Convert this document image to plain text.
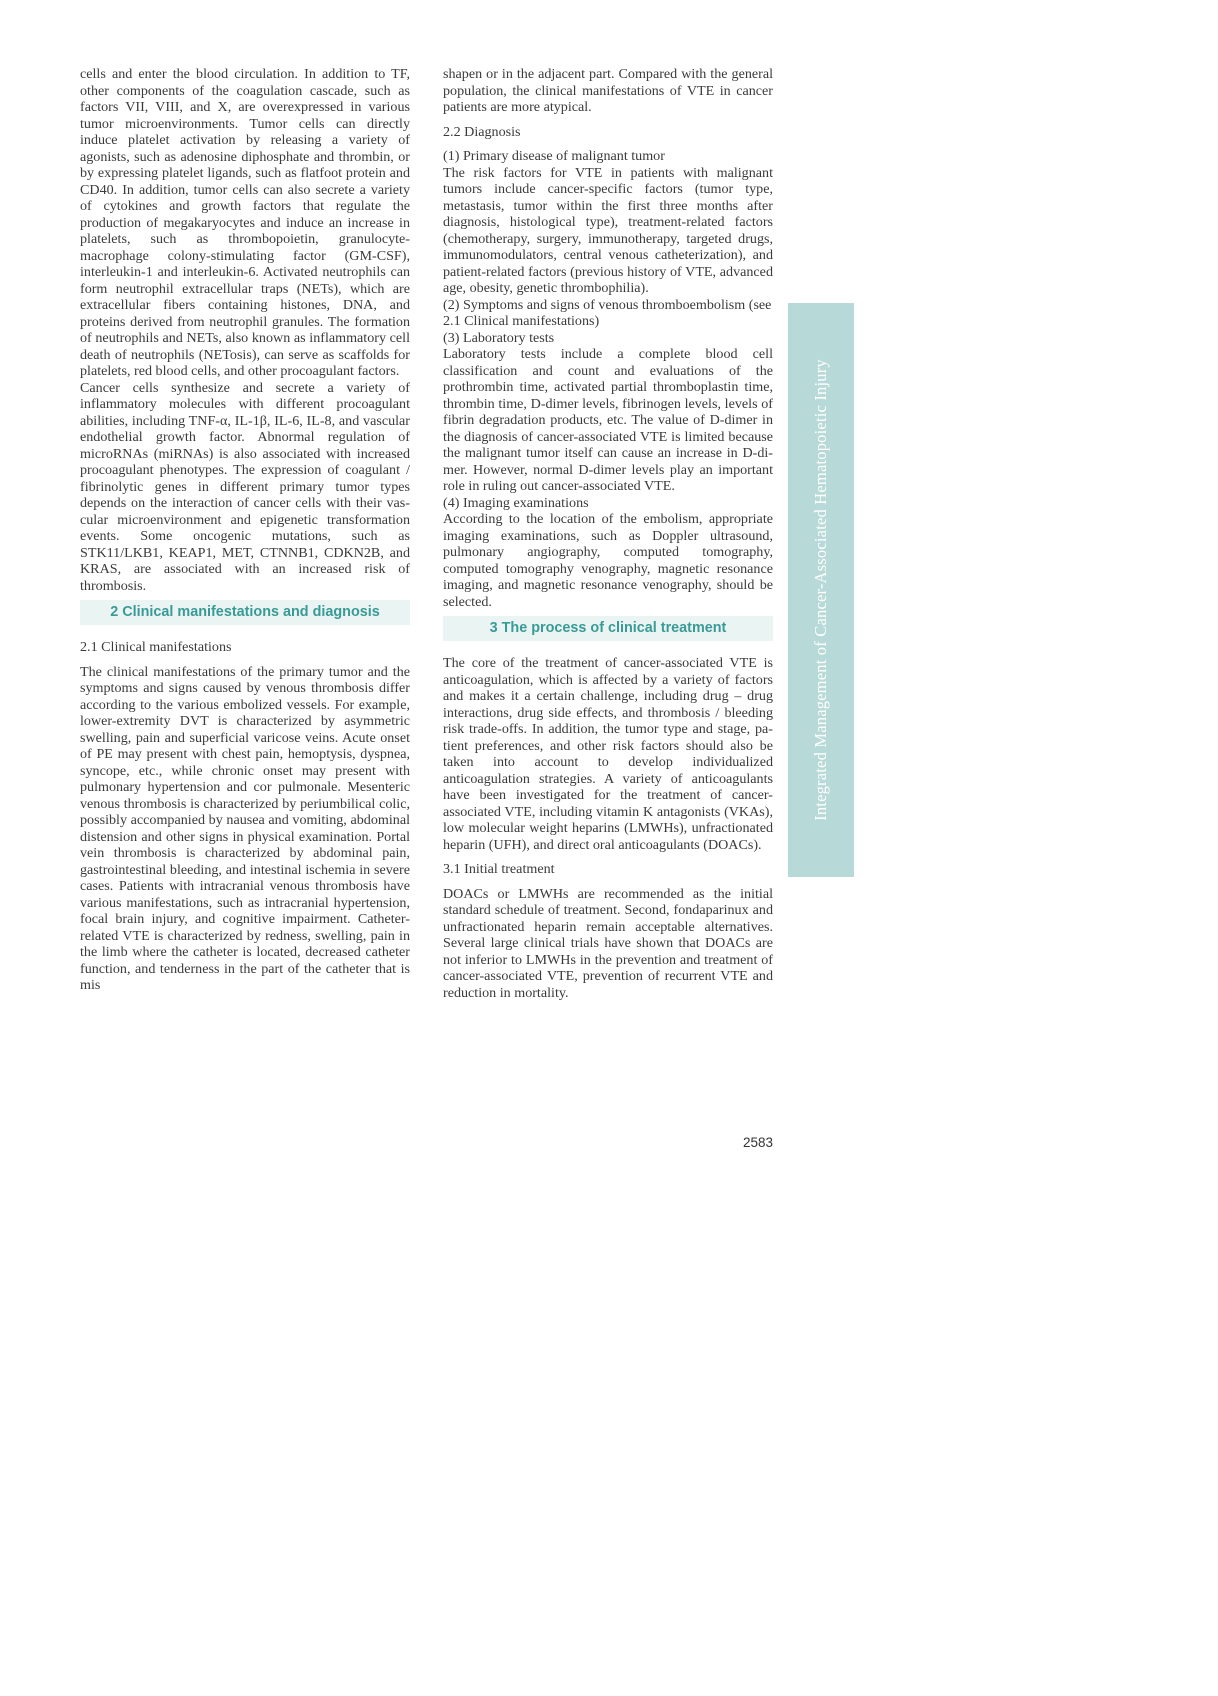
cells and enter the blood circulation. In addition to TF, other components of the coagulation cascade, such as factors VII, VIII, and X, are overexpressed in various tumor microenvironments. Tumor cells can directly induce platelet activation by releasing a variety of agonists, such as adenosine diphosphate and thrombin, or by expressing platelet ligands, such as flatfoot protein and CD40. In addition, tumor cells can also secrete a variety of cytokines and growth factors that regulate the production of megakaryocytes and induce an increase in platelets, such as thrombopoietin, granulocyte-macrophage colony-stimulating factor (GM-CSF), interleukin-1 and interleukin-6. Activated neutrophils can form neutrophil extracellular traps (NETs), which are extracellular fibers containing histones, DNA, and proteins derived from neutrophil granules. The formation of neutrophils and NETs, also known as inflammatory cell death of neutrophils (NETosis), can serve as scaffolds for platelets, red blood cells, and other procoagulant factors.

Cancer cells synthesize and secrete a variety of inflammatory molecules with different procoagulant abilities, including TNF-α, IL-1β, IL-6, IL-8, and vascular endothelial growth factor. Abnormal regulation of microRNAs (miRNAs) is also associated with increased procoagulant phenotypes. The expression of coagulant / fibrinolytic genes in different primary tumor types depends on the interaction of cancer cells with their vascular microenvironment and epigenetic transformation events. Some oncogenic mutations, such as STK11/LKB1, KEAP1, MET, CTNNB1, CDKN2B, and KRAS, are associated with an increased risk of thrombosis.

2 Clinical manifestations and diagnosis
2.1 Clinical manifestations

The clinical manifestations of the primary tumor and the symptoms and signs caused by venous thrombosis differ according to the various embolized vessels. For example, lower-extremity DVT is characterized by asymmetric swelling, pain and superficial varicose veins. Acute onset of PE may present with chest pain, hemoptysis, dyspnea, syncope, etc., while chronic onset may present with pulmonary hypertension and cor pulmonale. Mesenteric venous thrombosis is characterized by periumbilical colic, possibly accompanied by nausea and vomiting, abdominal distension and other signs in physical examination. Portal vein thrombosis is characterized by abdominal pain, gastrointestinal bleeding, and intestinal ischemia in severe cases. Patients with intracranial venous thrombosis have various manifestations, such as intracranial hypertension, focal brain injury, and cognitive impairment. Catheter-related VTE is characterized by redness, swelling, pain in the limb where the catheter is located, decreased catheter function, and tenderness in the part of the catheter that is mis

shapen or in the adjacent part. Compared with the general population, the clinical manifestations of VTE in cancer patients are more atypical.

2.2 Diagnosis
(1) Primary disease of malignant tumor

The risk factors for VTE in patients with malignant tumors include cancer-specific factors (tumor type, metastasis, tumor within the first three months after diagnosis, histological type), treatment-related factors (chemotherapy, surgery, immunotherapy, targeted drugs, immunomodulators, central venous catheterization), and patient-related factors (previous history of VTE, advanced age, obesity, genetic thrombophilia).

(2) Symptoms and signs of venous thromboembolism (see 2.1 Clinical manifestations)
(3) Laboratory tests

Laboratory tests include a complete blood cell classification and count and evaluations of the prothrombin time, activated partial thromboplastin time, thrombin time, D-dimer levels, fibrinogen levels, levels of fibrin degradation products, etc. The value of D-dimer in the diagnosis of cancer-associated VTE is limited because the malignant tumor itself can cause an increase in D-dimer. However, normal D-dimer levels play an important role in ruling out cancer-associated VTE.

(4) Imaging examinations

According to the location of the embolism, appropriate imaging examinations, such as Doppler ultrasound, pulmonary angiography, computed tomography, computed tomography venography, magnetic resonance imaging, and magnetic resonance venography, should be selected.

3 The process of clinical treatment

The core of the treatment of cancer-associated VTE is anticoagulation, which is affected by a variety of factors and makes it a certain challenge, including drug – drug interactions, drug side effects, and thrombosis / bleeding risk trade-offs. In addition, the tumor type and stage, patient preferences, and other risk factors should also be taken into account to develop individualized anticoagulation strategies. A variety of anticoagulants have been investigated for the treatment of cancer-associated VTE, including vitamin K antagonists (VKAs), low molecular weight heparins (LMWHs), unfractionated heparin (UFH), and direct oral anticoagulants (DOACs).

3.1 Initial treatment

DOACs or LMWHs are recommended as the initial standard schedule of treatment. Second, fondaparinux and unfractionated heparin remain acceptable alternatives. Several large clinical trials have shown that DOACs are not inferior to LMWHs in the prevention and treatment of cancer-associated VTE, prevention of recurrent VTE and reduction in mortality.

Integrated Management of Cancer-Associated Hematopoietic Injury
2583
